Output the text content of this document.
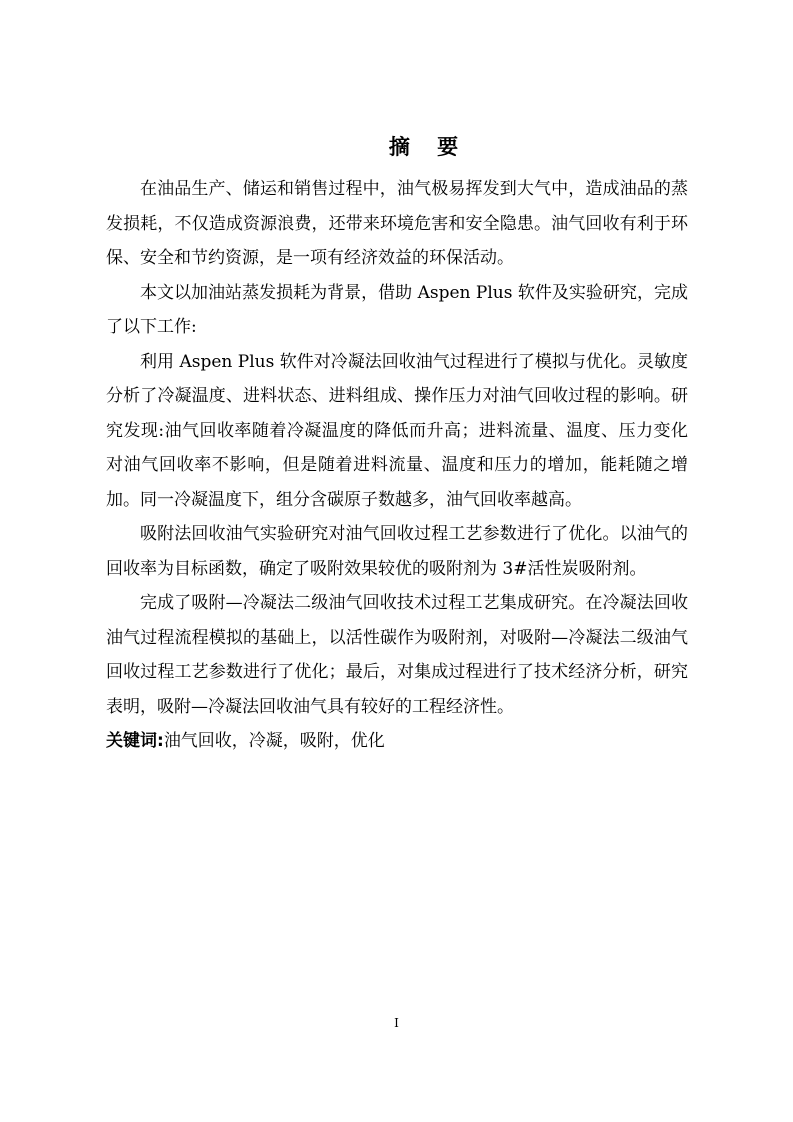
摘 要

在油品生产、储运和销售过程中，油气极易挥发到大气中，造成油品的蒸发损耗，不仅造成资源浪费，还带来环境危害和安全隐患。油气回收有利于环保、安全和节约资源，是一项有经济效益的环保活动。

本文以加油站蒸发损耗为背景，借助 Aspen Plus 软件及实验研究，完成了以下工作:

利用 Aspen Plus 软件对冷凝法回收油气过程进行了模拟与优化。灵敏度分析了冷凝温度、进料状态、进料组成、操作压力对油气回收过程的影响。研究发现:油气回收率随着冷凝温度的降低而升高；进料流量、温度、压力变化对油气回收率不影响，但是随着进料流量、温度和压力的增加，能耗随之增加。同一冷凝温度下，组分含碳原子数越多，油气回收率越高。

吸附法回收油气实验研究对油气回收过程工艺参数进行了优化。以油气的回收率为目标函数，确定了吸附效果较优的吸附剂为 3#活性炭吸附剂。

完成了吸附—冷凝法二级油气回收技术过程工艺集成研究。在冷凝法回收油气过程流程模拟的基础上，以活性碳作为吸附剂，对吸附—冷凝法二级油气回收过程工艺参数进行了优化；最后，对集成过程进行了技术经济分析，研究表明，吸附—冷凝法回收油气具有较好的工程经济性。

关键词:油气回收，冷凝，吸附，优化

I
